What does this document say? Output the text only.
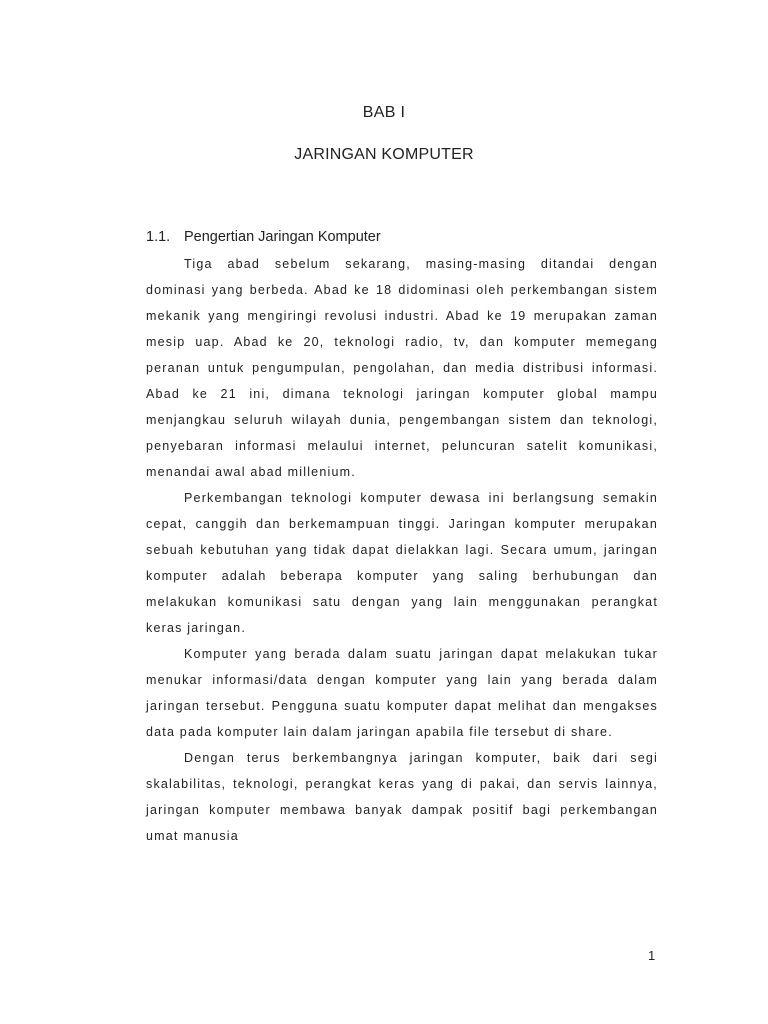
BAB I
JARINGAN KOMPUTER
1.1. Pengertian Jaringan Komputer

Tiga abad sebelum sekarang, masing-masing ditandai dengan dominasi yang berbeda. Abad ke 18 didominasi oleh perkembangan sistem mekanik yang mengiringi revolusi industri. Abad ke 19 merupakan zaman mesip uap. Abad ke 20, teknologi radio, tv, dan komputer memegang peranan untuk pengumpulan, pengolahan, dan media distribusi informasi. Abad ke 21 ini, dimana teknologi jaringan komputer global mampu menjangkau seluruh wilayah dunia, pengembangan sistem dan teknologi, penyebaran informasi melaului internet, peluncuran satelit komunikasi, menandai awal abad millenium.

Perkembangan teknologi komputer dewasa ini berlangsung semakin cepat, canggih dan berkemampuan tinggi. Jaringan komputer merupakan sebuah kebutuhan yang tidak dapat dielakkan lagi. Secara umum, jaringan komputer adalah beberapa komputer yang saling berhubungan dan melakukan komunikasi satu dengan yang lain menggunakan perangkat keras jaringan.

Komputer yang berada dalam suatu jaringan dapat melakukan tukar menukar informasi/data dengan komputer yang lain yang berada dalam jaringan tersebut. Pengguna suatu komputer dapat melihat dan mengakses data pada komputer lain dalam jaringan apabila file tersebut di share.

Dengan terus berkembangnya jaringan komputer, baik dari segi skalabilitas, teknologi, perangkat keras yang di pakai, dan servis lainnya, jaringan komputer membawa banyak dampak positif bagi perkembangan umat manusia

1
